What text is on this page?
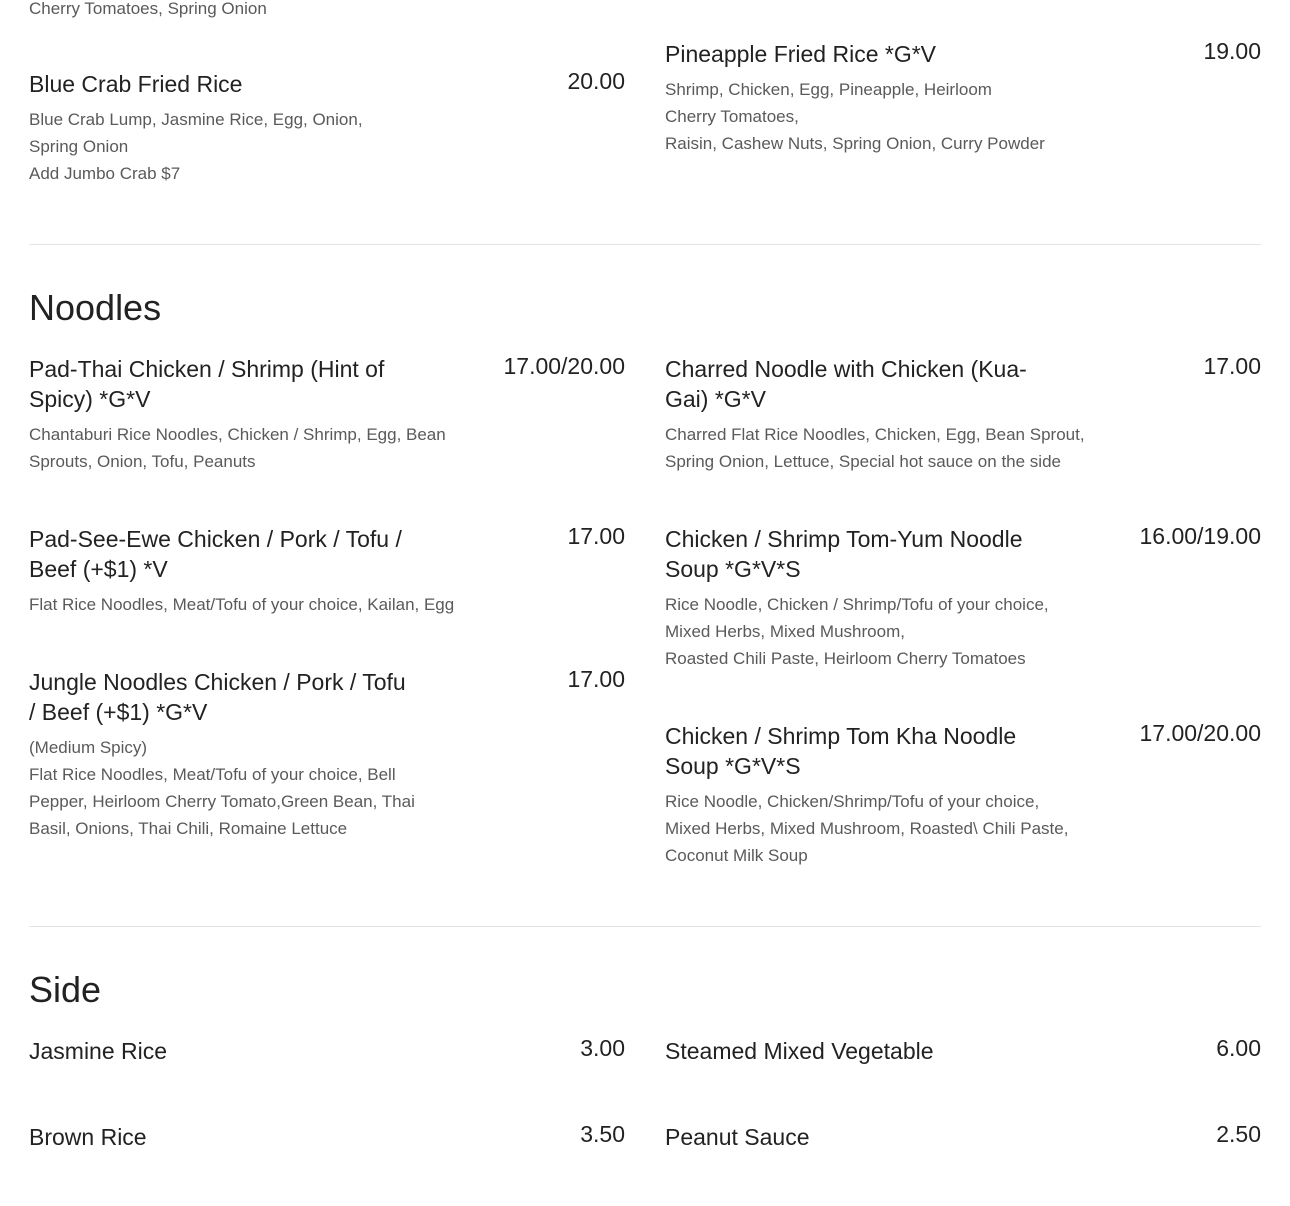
Cherry Tomatoes, Spring Onion
Blue Crab Fried Rice	20.00
Blue Crab Lump, Jasmine Rice, Egg, Onion,
Spring Onion
Add Jumbo Crab $7
Pineapple Fried Rice *G*V	19.00
Shrimp, Chicken, Egg, Pineapple, Heirloom
Cherry Tomatoes,
Raisin, Cashew Nuts, Spring Onion, Curry Powder
Noodles
Pad-Thai Chicken / Shrimp (Hint of
Spicy) *G*V
17.00/20.00
Chantaburi Rice Noodles, Chicken / Shrimp, Egg, Bean
Sprouts, Onion, Tofu, Peanuts
Charred Noodle with Chicken (Kua-
Gai) *G*V
17.00
Charred Flat Rice Noodles, Chicken, Egg, Bean Sprout,
Spring Onion, Lettuce, Special hot sauce on the side
Pad-See-Ewe Chicken / Pork / Tofu /
Beef (+$1) *V
17.00
Flat Rice Noodles, Meat/Tofu of your choice, Kailan, Egg
Chicken / Shrimp Tom-Yum Noodle
Soup *G*V*S
16.00/19.00
Rice Noodle, Chicken / Shrimp/Tofu of your choice,
Mixed Herbs, Mixed Mushroom,
Roasted Chili Paste, Heirloom Cherry Tomatoes
Jungle Noodles Chicken / Pork / Tofu
/ Beef (+$1) *G*V
17.00
(Medium Spicy)
Flat Rice Noodles, Meat/Tofu of your choice, Bell
Pepper, Heirloom Cherry Tomato,Green Bean, Thai
Basil, Onions, Thai Chili, Romaine Lettuce
Chicken / Shrimp Tom Kha Noodle
Soup *G*V*S
17.00/20.00
Rice Noodle, Chicken/Shrimp/Tofu of your choice,
Mixed Herbs, Mixed Mushroom, Roasted\ Chili Paste,
Coconut Milk Soup
Side
Jasmine Rice	3.00 Steamed Mixed Vegetable	6.00
Brown Rice	3.50 Peanut Sauce	2.50
